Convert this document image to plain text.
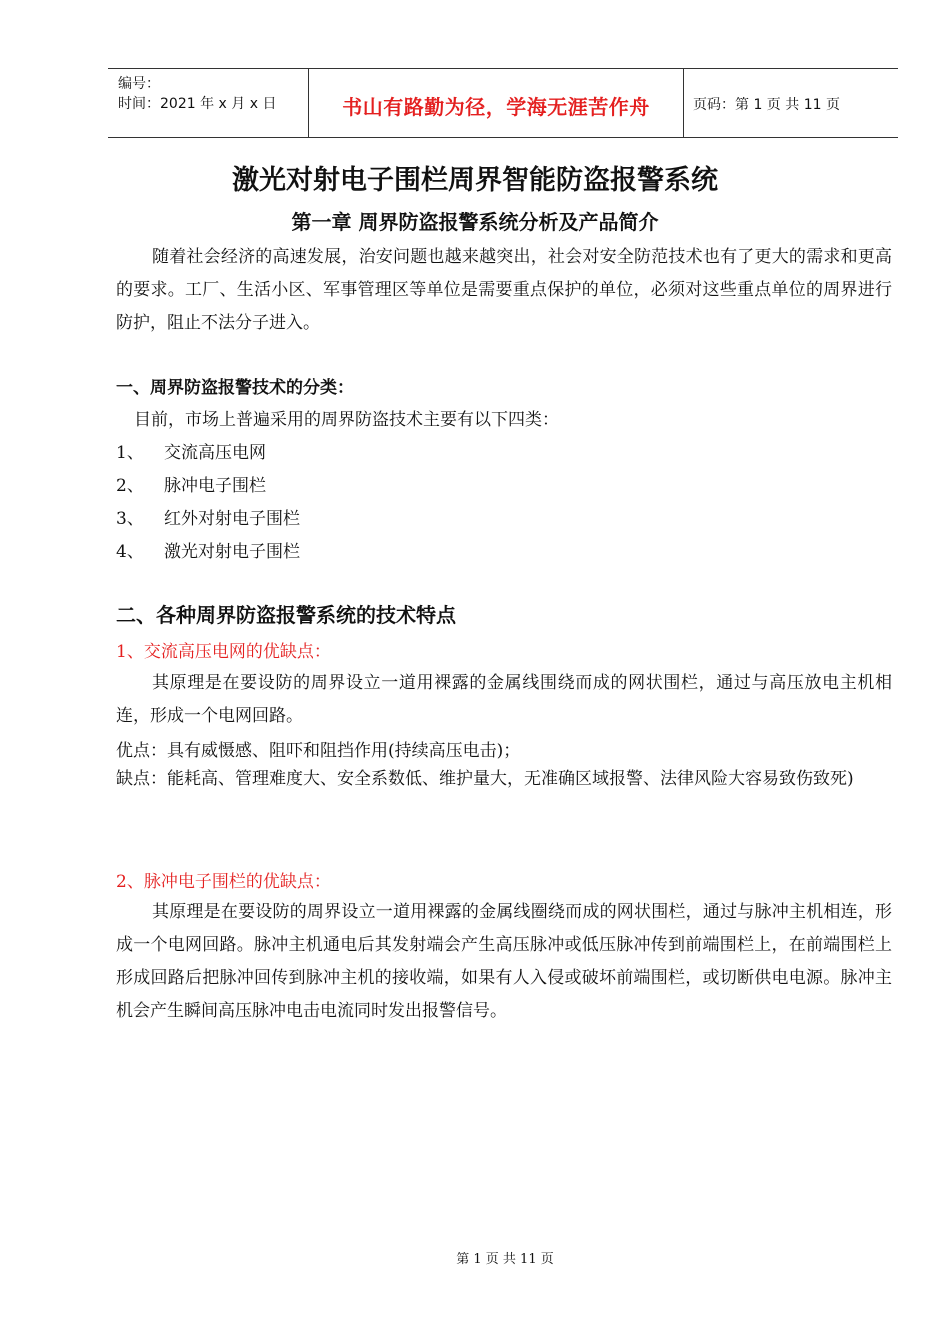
编号：
时间：2021 年 x 月 x 日	书山有路勤为径，学海无涯苦作舟	页码：第 1 页 共 11 页
激光对射电子围栏周界智能防盗报警系统
第一章 周界防盗报警系统分析及产品简介
随着社会经济的高速发展，治安问题也越来越突出，社会对安全防范技术也有了更大的需求和更高的要求。工厂、生活小区、军事管理区等单位是需要重点保护的单位，必须对这些重点单位的周界进行防护，阻止不法分子进入。
一、周界防盗报警技术的分类：
目前，市场上普遍采用的周界防盗技术主要有以下四类：
1、 交流高压电网
2、 脉冲电子围栏
3、 红外对射电子围栏
4、 激光对射电子围栏
二、各种周界防盗报警系统的技术特点
1、交流高压电网的优缺点：
其原理是在要设防的周界设立一道用裸露的金属线围绕而成的网状围栏，通过与高压放电主机相连，形成一个电网回路。
优点：具有威慑感、阻吓和阻挡作用(持续高压电击)；
缺点：能耗高、管理难度大、安全系数低、维护量大，无准确区域报警、法律风险大容易致伤致死)
2、脉冲电子围栏的优缺点：
其原理是在要设防的周界设立一道用裸露的金属线圈绕而成的网状围栏，通过与脉冲主机相连，形成一个电网回路。脉冲主机通电后其发射端会产生高压脉冲或低压脉冲传到前端围栏上，在前端围栏上形成回路后把脉冲回传到脉冲主机的接收端，如果有人入侵或破坏前端围栏，或切断供电电源。脉冲主机会产生瞬间高压脉冲电击电流同时发出报警信号。
第 1 页 共 11 页
